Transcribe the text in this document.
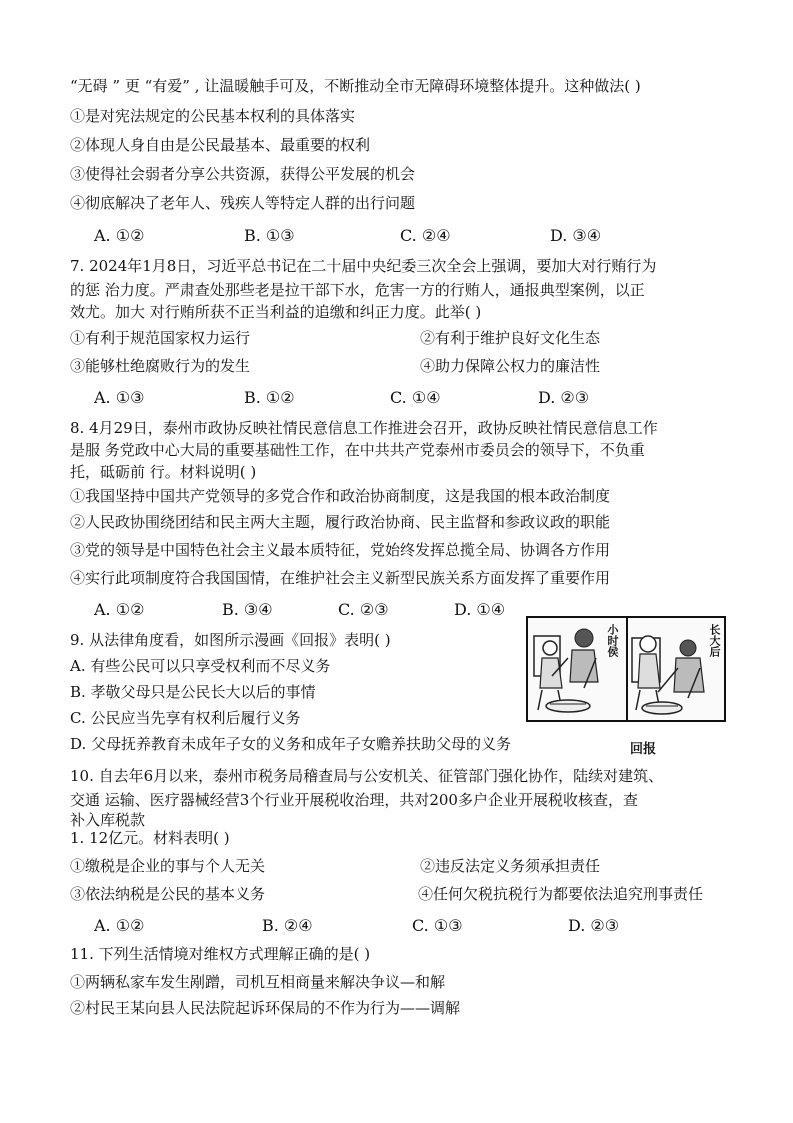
“无碍 ” 更 “有爱” , 让温暖触手可及，不断推动全市无障碍环境整体提升。这种做法( )
①是对宪法规定的公民基本权利的具体落实
②体现人身自由是公民最基本、最重要的权利
③使得社会弱者分享公共资源，获得公平发展的机会
④彻底解决了老年人、残疾人等特定人群的出行问题
A. ①②	B. ①③	C. ②④	D. ③④
7. 2024年1月8日，习近平总书记在二十届中央纪委三次全会上强调，要加大对行贿行为
的惩 治力度。严肃查处那些老是拉干部下水，危害一方的行贿人，通报典型案例，以正
效尤。加大 对行贿所获不正当利益的追缴和纠正力度。此举( )
①有利于规范国家权力运行	②有利于维护良好文化生态
③能够杜绝腐败行为的发生	④助力保障公权力的廉洁性
A. ①③	B. ①②	C. ①④	D. ②③
8. 4月29日，泰州市政协反映社情民意信息工作推进会召开，政协反映社情民意信息工作
是服 务党政中心大局的重要基础性工作，在中共共产党泰州市委员会的领导下，不负重
托，砥砺前 行。材料说明( )
①我国坚持中国共产党领导的多党合作和政治协商制度，这是我国的根本政治制度
②人民政协围绕团结和民主两大主题，履行政治协商、民主监督和参政议政的职能
③党的领导是中国特色社会主义最本质特征，党始终发挥总揽全局、协调各方作用
④实行此项制度符合我国国情，在维护社会主义新型民族关系方面发挥了重要作用
A. ①②	B. ③④	C. ②③	D. ①④
9. 从法律角度看，如图所示漫画《回报》表明( )
A. 有些公民可以只享受权利而不尽义务
B. 孝敬父母只是公民长大以后的事情
C. 公民应当先享有权利后履行义务
D. 父母抚养教育未成年子女的义务和成年子女赡养扶助父母的义务
小时侯	长大后
回报
10. 自去年6月以来，泰州市税务局稽查局与公安机关、征管部门强化协作，陆续对建筑、
交通 运输、医疗器械经营3个行业开展税收治理，共对200多户企业开展税收核查，查
补入库税款
1. 12亿元。材料表明( )
①缴税是企业的事与个人无关	②违反法定义务须承担责任
③依法纳税是公民的基本义务	④任何欠税抗税行为都要依法追究刑事责任
A. ①②	B. ②④	C. ①③	D. ②③
11. 下列生活情境对维权方式理解正确的是( )
①两辆私家车发生剐蹭，司机互相商量来解决争议—和解
②村民王某向县人民法院起诉环保局的不作为行为——调解
